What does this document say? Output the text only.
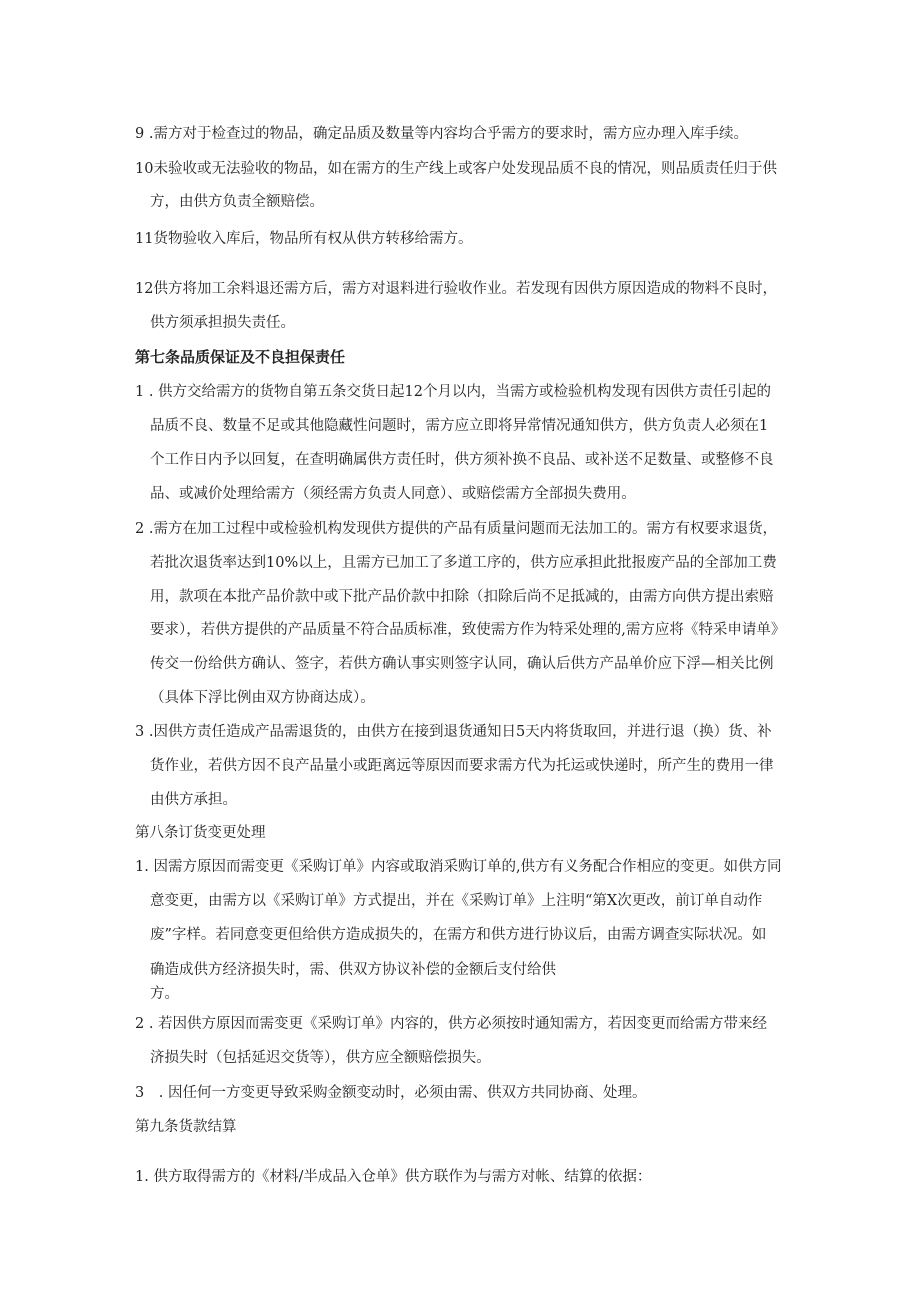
9 .需方对于检查过的物品，确定品质及数量等内容均合乎需方的要求时，需方应办理入库手续。

10未验收或无法验收的物品，如在需方的生产线上或客户处发现品质不良的情况，则品质责任归于供

方，由供方负责全额赔偿。

11货物验收入库后，物品所有权从供方转移给需方。

12供方将加工余料退还需方后，需方对退料进行验收作业。若发现有因供方原因造成的物料不良时，

供方须承担损失责任。

第七条品质保证及不良担保责任

1 . 供方交给需方的货物自第五条交货日起12个月以内，当需方或检验机构发现有因供方责任引起的

品质不良、数量不足或其他隐藏性问题时，需方应立即将异常情况通知供方，供方负责人必须在1

个工作日内予以回复，在查明确属供方责任时，供方须补换不良品、或补送不足数量、或整修不良

品、或减价处理给需方（须经需方负责人同意）、或赔偿需方全部损失费用。

2 .需方在加工过程中或检验机构发现供方提供的产品有质量问题而无法加工的。需方有权要求退货，

若批次退货率达到10%以上，且需方已加工了多道工序的，供方应承担此批报废产品的全部加工费

用，款项在本批产品价款中或下批产品价款中扣除（扣除后尚不足抵减的，由需方向供方提出索赔

要求），若供方提供的产品质量不符合品质标准，致使需方作为特采处理的,需方应将《特采申请单》

传交一份给供方确认、签字，若供方确认事实则签字认同，确认后供方产品单价应下浮—相关比例

（具体下浮比例由双方协商达成）。

3 .因供方责任造成产品需退货的，由供方在接到退货通知日5天内将货取回，并进行退（换）货、补

货作业，若供方因不良产品量小或距离远等原因而要求需方代为托运或快递时，所产生的费用一律

由供方承担。

第八条订货变更处理

1. 因需方原因而需变更《采购订单》内容或取消采购订单的,供方有义务配合作相应的变更。如供方同

意变更，由需方以《采购订单》方式提出，并在《采购订单》上注明“第X次更改，前订单自动作

废”字样。若同意变更但给供方造成损失的，在需方和供方进行协议后，由需方调查实际状况。如

确造成供方经济损失时，需、供双方协议补偿的金额后支付给供

方。

2 . 若因供方原因而需变更《采购订单》内容的，供方必须按时通知需方，若因变更而给需方带来经

济损失时（包括延迟交货等），供方应全额赔偿损失。

3　. 因任何一方变更导致采购金额变动时，必须由需、供双方共同协商、处理。

第九条货款结算

1. 供方取得需方的《材料/半成品入仓单》供方联作为与需方对帐、结算的依据：
